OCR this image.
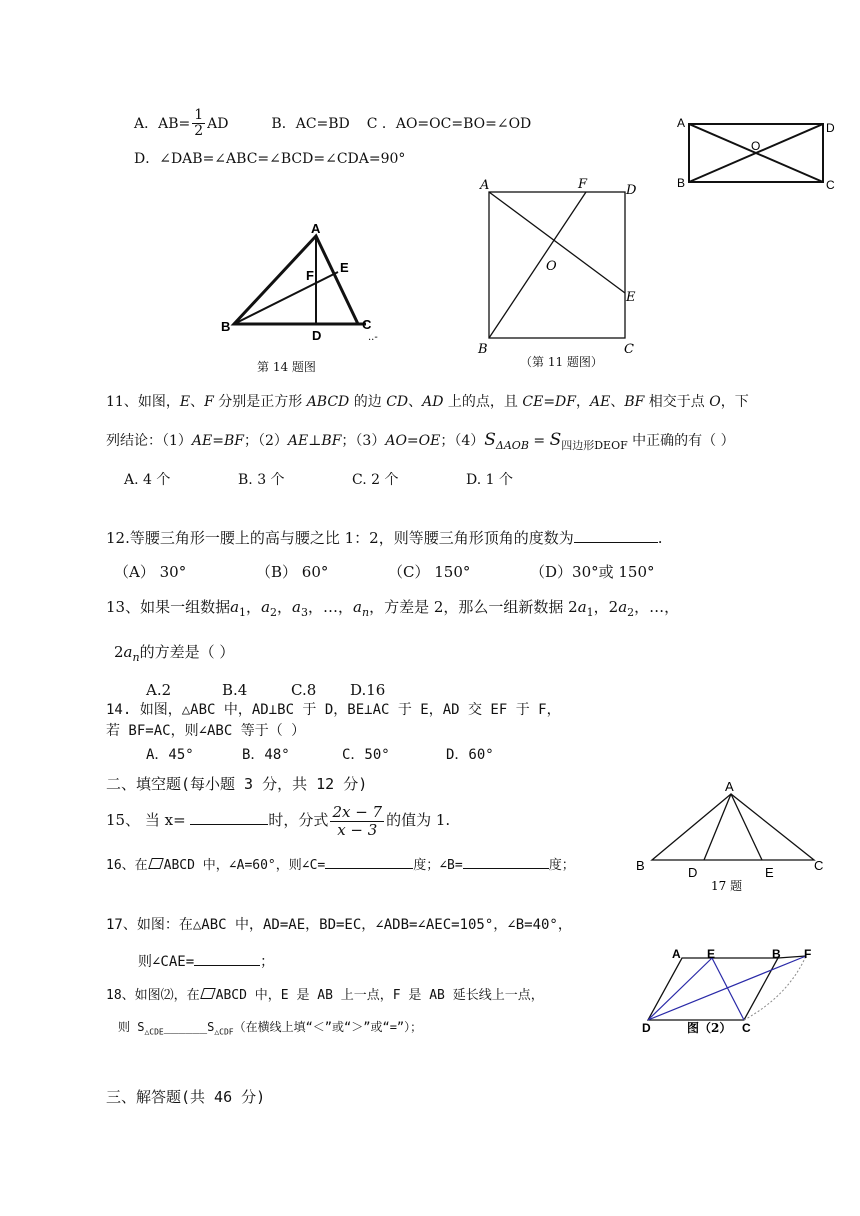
A．$AB= \frac{1}{2}$ AD	B．AC=BD C ．AO=OC=BO=∠OD
D．∠DAB=∠ABC=∠BCD=∠CDA=90°
A
B	C
D
O
A
B	C
D
E
F
..-
第 14 题图
A	F	D
O
E
B	C
（第 11 题图）
11、如图，E、F 分别是正方形 ABCD 的边 CD、AD 上的点，且 CE=DF，AE、BF 相交于点 O，下
列结论：（1）AE=BF；（2）AE⊥BF；（3）AO=OE；$(4)S_{\Delta AOB} = S_{四边形DEOF}$ 中正确的有（ ）
A. 4 个	B. 3 个	C. 2 个	D. 1 个
12.等腰三角形一腰上的高与腰之比 1：2，则等腰三角形顶角的度数为	.
（A） 30°	（B） 60°	（C） 150°	（D）30°或 150°
13、如果一组数据$a_1$，$a_2$，$a_3$，…，$a_n$，方差是 2，那么一组新数据 $2a_1$，$2a_2$，…，
$2a_n$的方差是（ ）
A.2	B.4	C.8 D.16
14. 如图，△ABC 中，AD⊥BC 于 D，BE⊥AC 于 E，AD 交 EF 于 F，
若 BF=AC，则∠ABC 等于（ ）
A．45°	B．48°	C．50°	D．60°
二、填空题(每小题 3 分，共 12 分)
15、 当 x=	时，分式 $\frac{2x - 7}{x - 3}$ 的值为 1.
16、在 ABCD 中，∠A=60°，则∠C=	度；∠B=	度；
A
B	C
D	E
17 题
17、如图：在△ABC 中，AD=AE，BD=EC，∠ADB=∠AEC=105°，∠B=40°，
则∠CAE=	；	A E	B F
D	C
图（2）
18、如图⑵，在 ABCD 中，E 是 AB 上一点，F 是 AB 延长线上一点，
则 $S_{\triangle CDE}\_\_\_\_\_\_S_{\triangle CDF}$（在横线上填“＜”或“＞”或“=”）；
三、解答题(共 46 分)
